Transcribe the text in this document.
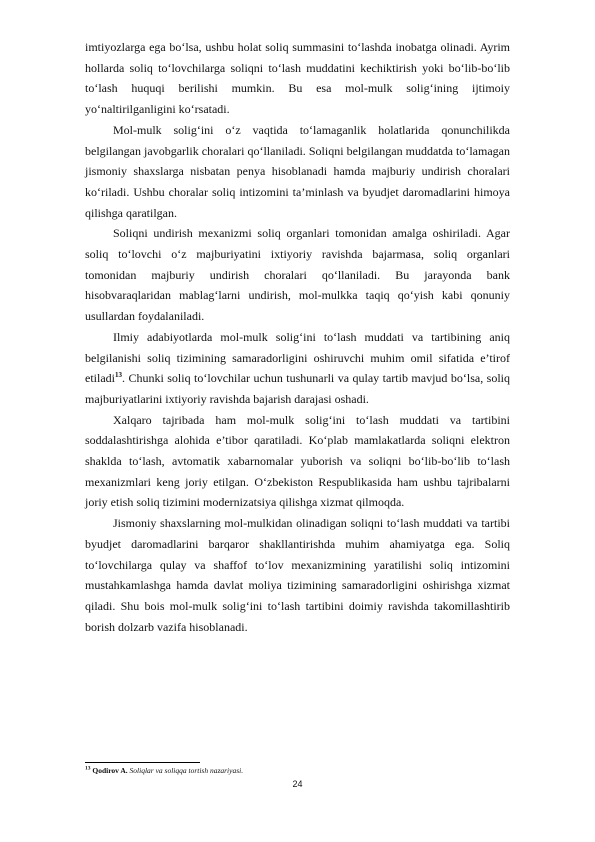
imtiyozlarga ega bo‘lsa, ushbu holat soliq summasini to‘lashda inobatga olinadi. Ayrim hollarda soliq to‘lovchilarga soliqni to‘lash muddatini kechiktirish yoki bo‘lib-bo‘lib to‘lash huquqi berilishi mumkin. Bu esa mol-mulk solig‘ining ijtimoiy yo‘naltirilganligini ko‘rsatadi.

Mol-mulk solig‘ini o‘z vaqtida to‘lamaganlik holatlarida qonunchilikda belgilangan javobgarlik choralari qo‘llaniladi. Soliqni belgilangan muddatda to‘lamagan jismoniy shaxslarga nisbatan penya hisoblanadi hamda majburiy undirish choralari ko‘riladi. Ushbu choralar soliq intizomini ta’minlash va byudjet daromadlarini himoya qilishga qaratilgan.

Soliqni undirish mexanizmi soliq organlari tomonidan amalga oshiriladi. Agar soliq to‘lovchi o‘z majburiyatini ixtiyoriy ravishda bajarmasa, soliq organlari tomonidan majburiy undirish choralari qo‘llaniladi. Bu jarayonda bank hisobvaraqlaridan mablag‘larni undirish, mol-mulkka taqiq qo‘yish kabi qonuniy usullardan foydalaniladi.

Ilmiy adabiyotlarda mol-mulk solig‘ini to‘lash muddati va tartibining aniq belgilanishi soliq tizimining samaradorligini oshiruvchi muhim omil sifatida e’tirof etiladi$^{13}$. Chunki soliq to‘lovchilar uchun tushunarli va qulay tartib mavjud bo‘lsa, soliq majburiyatlarini ixtiyoriy ravishda bajarish darajasi oshadi.

Xalqaro tajribada ham mol-mulk solig‘ini to‘lash muddati va tartibini soddalashtirishga alohida e’tibor qaratiladi. Ko‘plab mamlakatlarda soliqni elektron shaklda to‘lash, avtomatik xabarnomalar yuborish va soliqni bo‘lib-bo‘lib to‘lash mexanizmlari keng joriy etilgan. O‘zbekiston Respublikasida ham ushbu tajribalarni joriy etish soliq tizimini modernizatsiya qilishga xizmat qilmoqda.

Jismoniy shaxslarning mol-mulkidan olinadigan soliqni to‘lash muddati va tartibi byudjet daromadlarini barqaror shakllantirishda muhim ahamiyatga ega. Soliq to‘lovchilarga qulay va shaffof to‘lov mexanizmining yaratilishi soliq intizomini mustahkamlashga hamda davlat moliya tizimining samaradorligini oshirishga xizmat qiladi. Shu bois mol-mulk solig‘ini to‘lash tartibini doimiy ravishda takomillashtirib borish dolzarb vazifa hisoblanadi.

$^{13}$ Qodirov A. Soliqlar va soliqqa tortish nazariyasi.
24
